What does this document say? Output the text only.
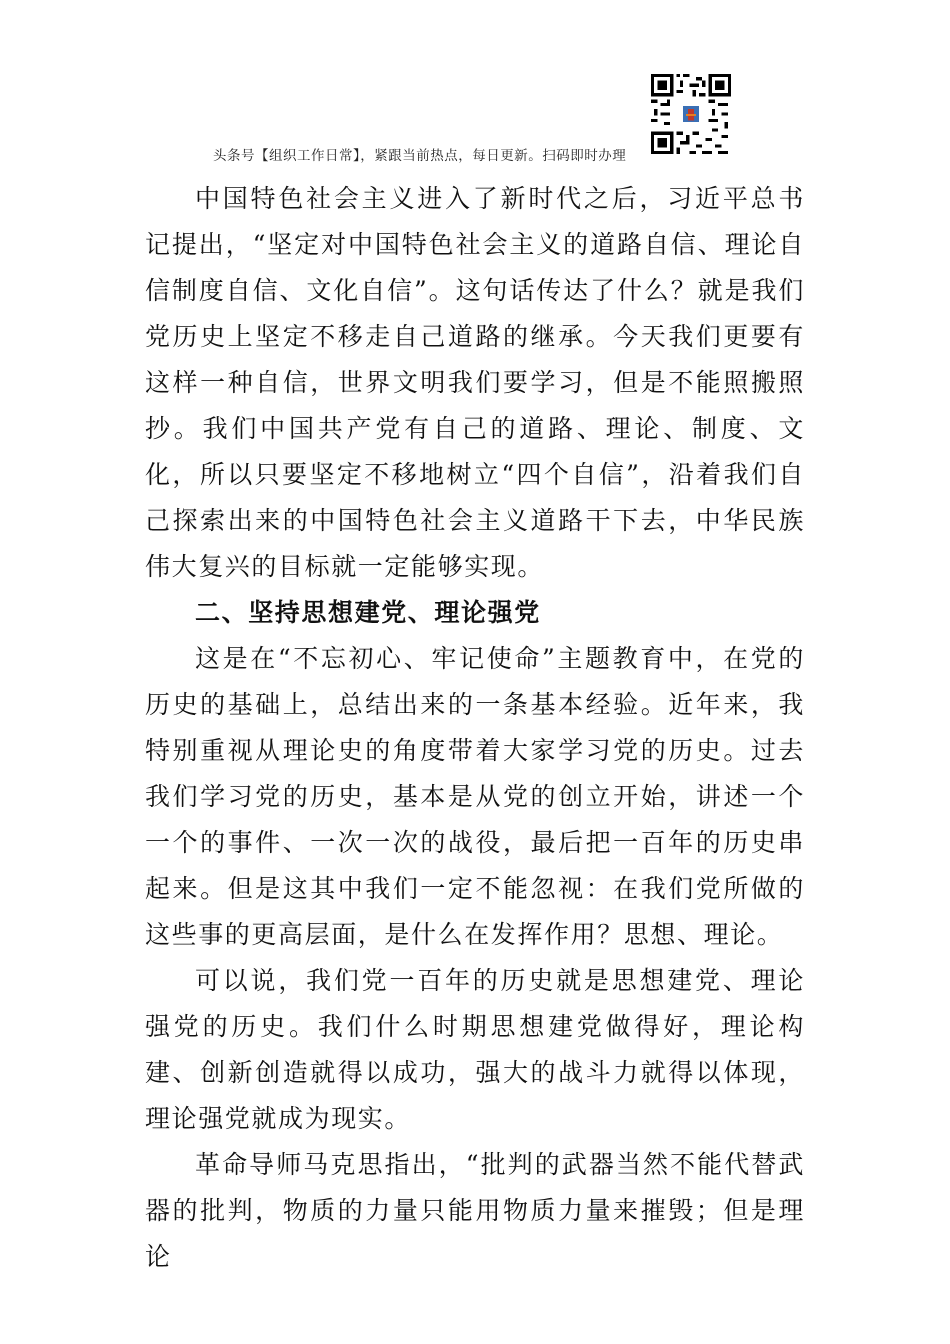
头条号【组织工作日常】，紧跟当前热点，每日更新。扫码即时办理

中国特色社会主义进入了新时代之后，习近平总书记提出，“坚定对中国特色社会主义的道路自信、理论自信制度自信、文化自信”。这句话传达了什么？就是我们党历史上坚定不移走自己道路的继承。今天我们更要有这样一种自信，世界文明我们要学习，但是不能照搬照抄。我们中国共产党有自己的道路、理论、制度、文化，所以只要坚定不移地树立“四个自信”，沿着我们自己探索出来的中国特色社会主义道路干下去，中华民族伟大复兴的目标就一定能够实现。

二、坚持思想建党、理论强党

这是在“不忘初心、牢记使命”主题教育中，在党的历史的基础上，总结出来的一条基本经验。近年来，我特别重视从理论史的角度带着大家学习党的历史。过去我们学习党的历史，基本是从党的创立开始，讲述一个一个的事件、一次一次的战役，最后把一百年的历史串起来。但是这其中我们一定不能忽视：在我们党所做的这些事的更高层面，是什么在发挥作用？思想、理论。

可以说，我们党一百年的历史就是思想建党、理论强党的历史。我们什么时期思想建党做得好，理论构建、创新创造就得以成功，强大的战斗力就得以体现，理论强党就成为现实。

革命导师马克思指出，“批判的武器当然不能代替武器的批判，物质的力量只能用物质力量来摧毁；但是理论
